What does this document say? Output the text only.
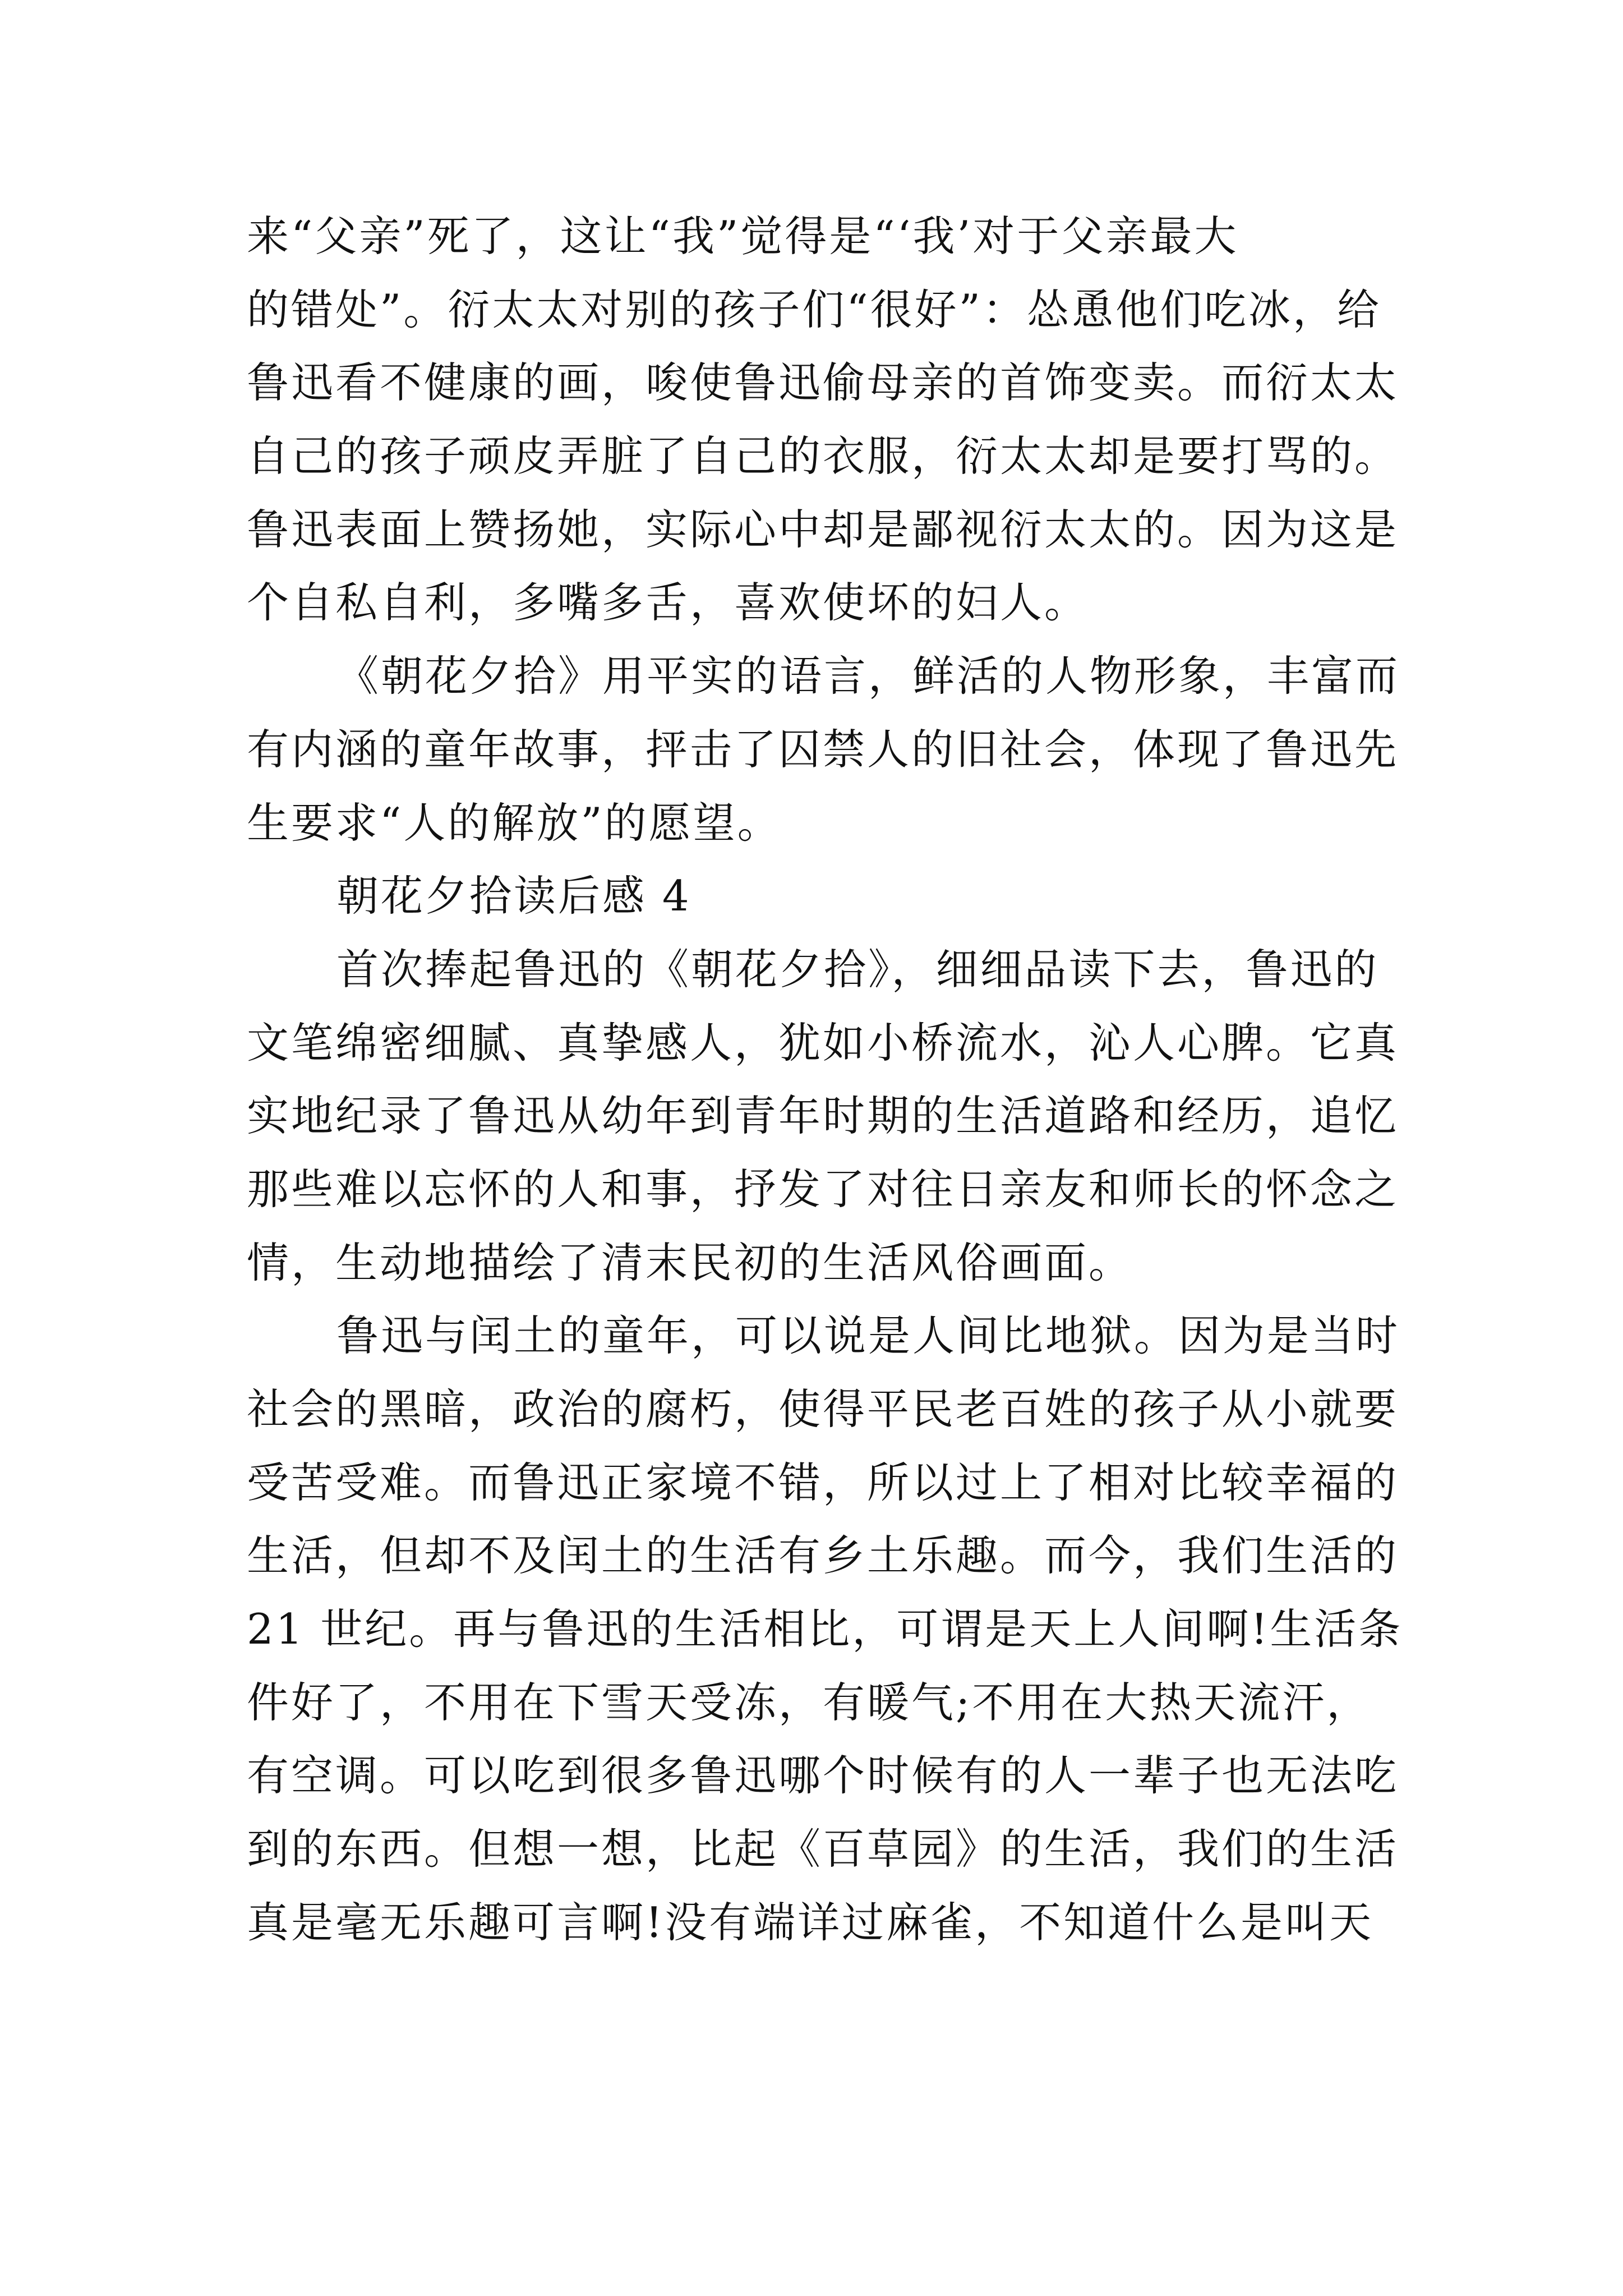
来“父亲”死了，这让“我”觉得是“‘我’对于父亲最大
的错处”。衍太太对别的孩子们“很好”：怂恿他们吃冰，给
鲁迅看不健康的画，唆使鲁迅偷母亲的首饰变卖。而衍太太
自己的孩子顽皮弄脏了自己的衣服，衍太太却是要打骂的。
鲁迅表面上赞扬她，实际心中却是鄙视衍太太的。因为这是
个自私自利，多嘴多舌，喜欢使坏的妇人。
《朝花夕拾》用平实的语言，鲜活的人物形象，丰富而
有内涵的童年故事，抨击了囚禁人的旧社会，体现了鲁迅先
生要求“人的解放”的愿望。
朝花夕拾读后感 4
首次捧起鲁迅的《朝花夕拾》，细细品读下去，鲁迅的
文笔绵密细腻、真挚感人，犹如小桥流水，沁人心脾。它真
实地纪录了鲁迅从幼年到青年时期的生活道路和经历，追忆
那些难以忘怀的人和事，抒发了对往日亲友和师长的怀念之
情，生动地描绘了清末民初的生活风俗画面。
鲁迅与闰土的童年，可以说是人间比地狱。因为是当时
社会的黑暗，政治的腐朽，使得平民老百姓的孩子从小就要
受苦受难。而鲁迅正家境不错，所以过上了相对比较幸福的
生活，但却不及闰土的生活有乡土乐趣。而今，我们生活的
21 世纪。再与鲁迅的生活相比，可谓是天上人间啊!生活条
件好了，不用在下雪天受冻，有暖气;不用在大热天流汗，
有空调。可以吃到很多鲁迅哪个时候有的人一辈子也无法吃
到的东西。但想一想，比起《百草园》的生活，我们的生活
真是毫无乐趣可言啊!没有端详过麻雀，不知道什么是叫天
